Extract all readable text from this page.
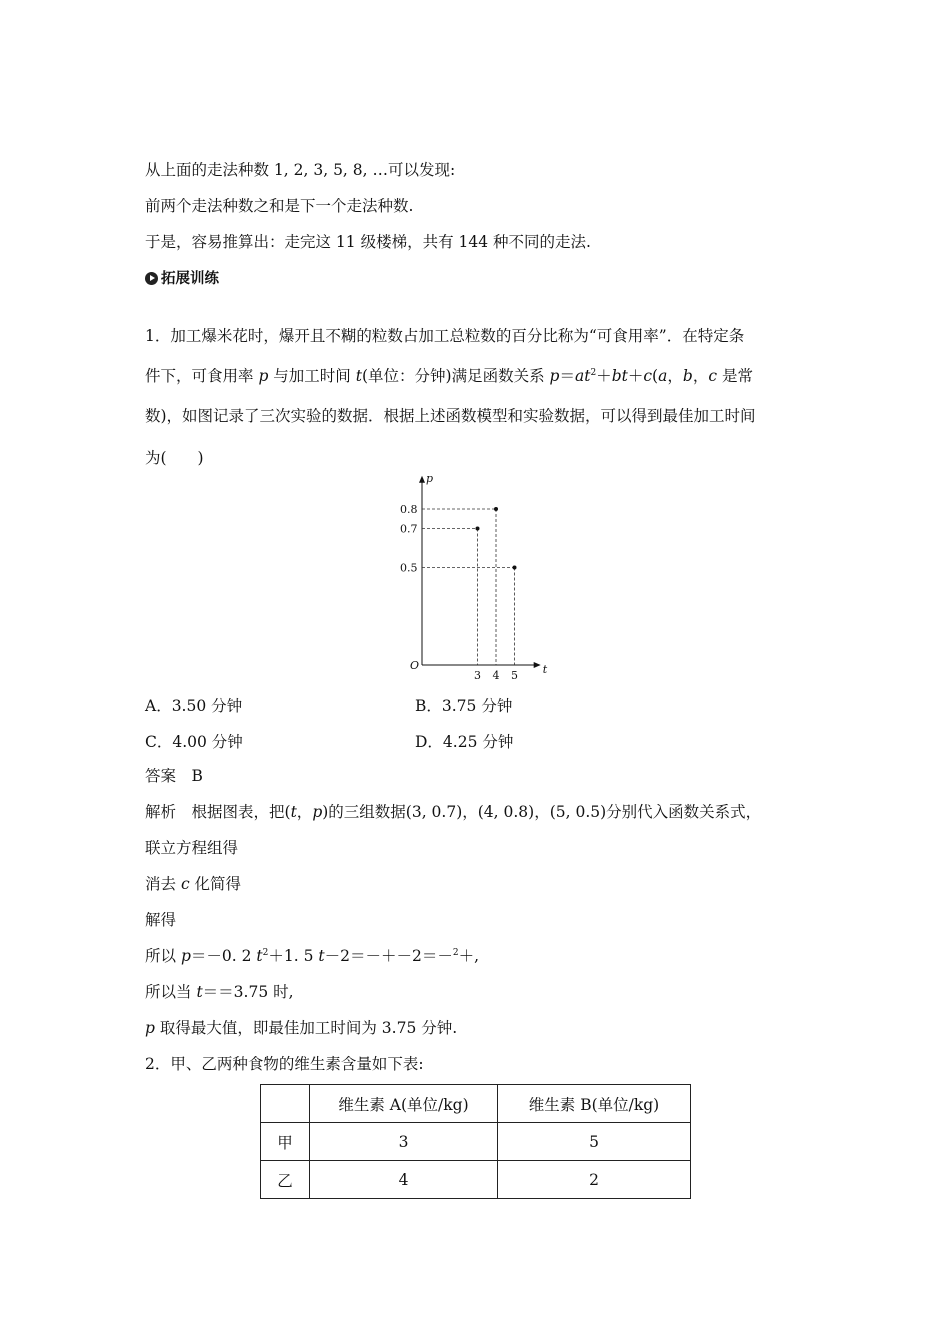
从上面的走法种数 1, 2, 3, 5, 8, …可以发现:
前两个走法种数之和是下一个走法种数.
于是，容易推算出：走完这 11 级楼梯，共有 144 种不同的走法.
拓展训练
1．加工爆米花时，爆开且不糊的粒数占加工总粒数的百分比称为“可食用率”．在特定条
件下，可食用率 p 与加工时间 t(单位：分钟)满足函数关系 $p=at^2+bt+c(a$，b，c 是常
数)，如图记录了三次实验的数据．根据上述函数模型和实验数据，可以得到最佳加工时间
为(　　)
t
p
O
3 4 5
0.8
0.7
0.5
A．3.50 分钟	B．3.75 分钟
C．4.00 分钟	D．4.25 分钟
答案　B
解析　根据图表，把(t，p)的三组数据(3, 0.7)，(4, 0.8)，(5, 0.5)分别代入函数关系式，
联立方程组得
消去 c 化简得
解得
所以 p＝－0. 2 $t^2+1$. 5 t－2＝－＋－2＝－$^2$＋,
所以当 t＝＝3.75 时,
p 取得最大值，即最佳加工时间为 3.75 分钟.
2．甲、乙两种食物的维生素含量如下表:
	维生素 A(单位/kg)	维生素 B(单位/kg)
甲	3	5
乙	4	2
